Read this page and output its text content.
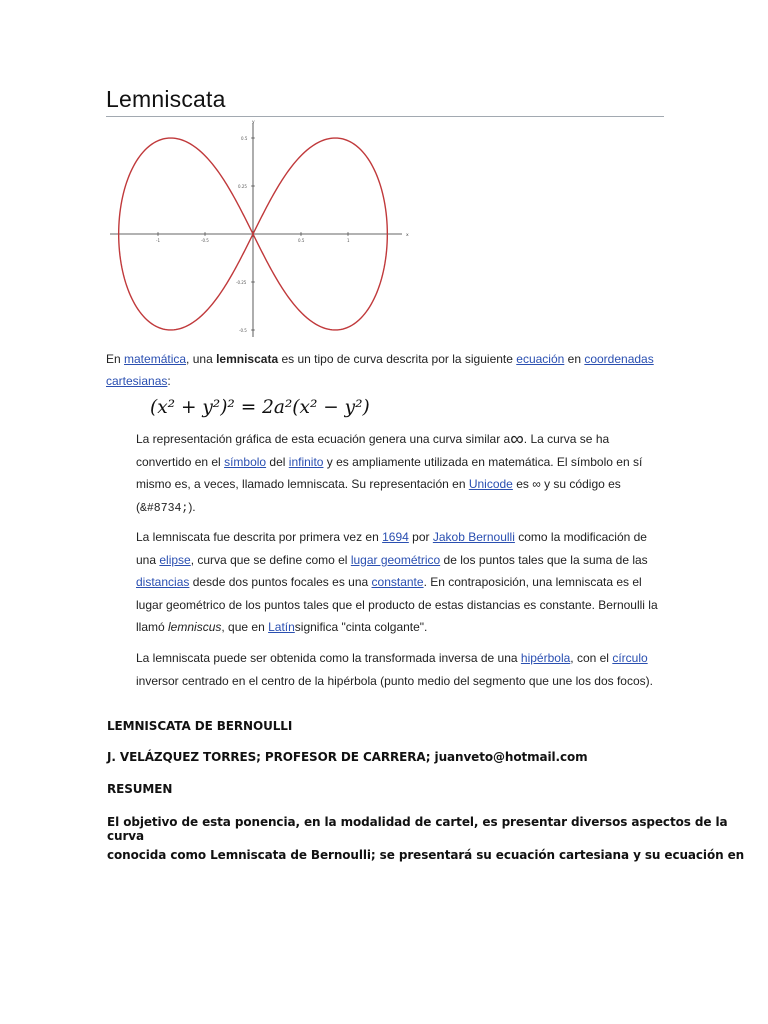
Lemniscata
x
y
-1	-0.5	0.5	1
0.5
0.25
-0.25
-0.5

En matemática, una lemniscata es un tipo de curva descrita por la siguiente ecuación en coordenadas cartesianas:

(x² + y²)² = 2a²(x² − y²)

La representación gráfica de esta ecuación genera una curva similar a∞. La curva se ha convertido en el símbolo del infinito y es ampliamente utilizada en matemática. El símbolo en sí mismo es, a veces, llamado lemniscata. Su representación en Unicode es ∞ y su código es (&#8734;).

La lemniscata fue descrita por primera vez en 1694 por Jakob Bernoulli como la modificación de una elipse, curva que se define como el lugar geométrico de los puntos tales que la suma de las distancias desde dos puntos focales es una constante. En contraposición, una lemniscata es el lugar geométrico de los puntos tales que el producto de estas distancias es constante. Bernoulli la llamó lemniscus, que en Latínsignifica "cinta colgante".

La lemniscata puede ser obtenida como la transformada inversa de una hipérbola, con el círculo inversor centrado en el centro de la hipérbola (punto medio del segmento que une los dos focos).

LEMNISCATA DE BERNOULLI

J. VELÁZQUEZ TORRES; PROFESOR DE CARRERA; juanveto@hotmail.com

RESUMEN

El objetivo de esta ponencia, en la modalidad de cartel, es presentar diversos aspectos de la curva

conocida como Lemniscata de Bernoulli; se presentará su ecuación cartesiana y su ecuación en
